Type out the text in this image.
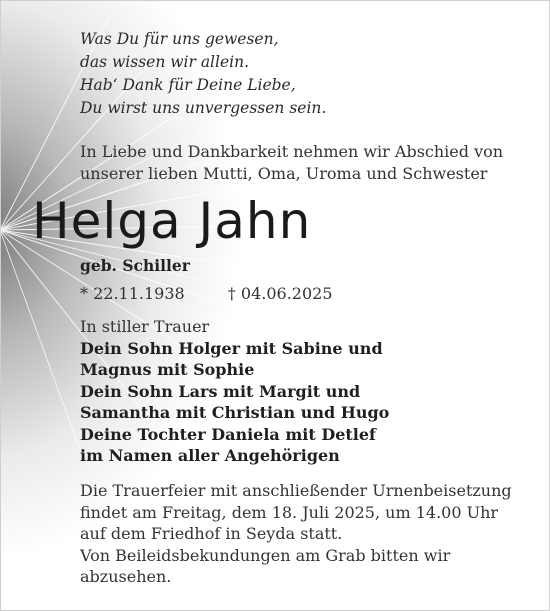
Was Du für uns gewesen,
das wissen wir allein.
Hab‘ Dank für Deine Liebe,
Du wirst uns unvergessen sein.
In Liebe und Dankbarkeit nehmen wir Abschied von
unserer lieben Mutti, Oma, Uroma und Schwester
Helga Jahn
geb. Schiller
* 22.11.1938	† 04.06.2025
In stiller Trauer
Dein Sohn Holger mit Sabine und
Magnus mit Sophie
Dein Sohn Lars mit Margit und
Samantha mit Christian und Hugo
Deine Tochter Daniela mit Detlef
im Namen aller Angehörigen
Die Trauerfeier mit anschließender Urnenbeisetzung
findet am Freitag, dem 18. Juli 2025, um 14.00 Uhr
auf dem Friedhof in Seyda statt.
Von Beileidsbekundungen am Grab bitten wir
abzusehen.
